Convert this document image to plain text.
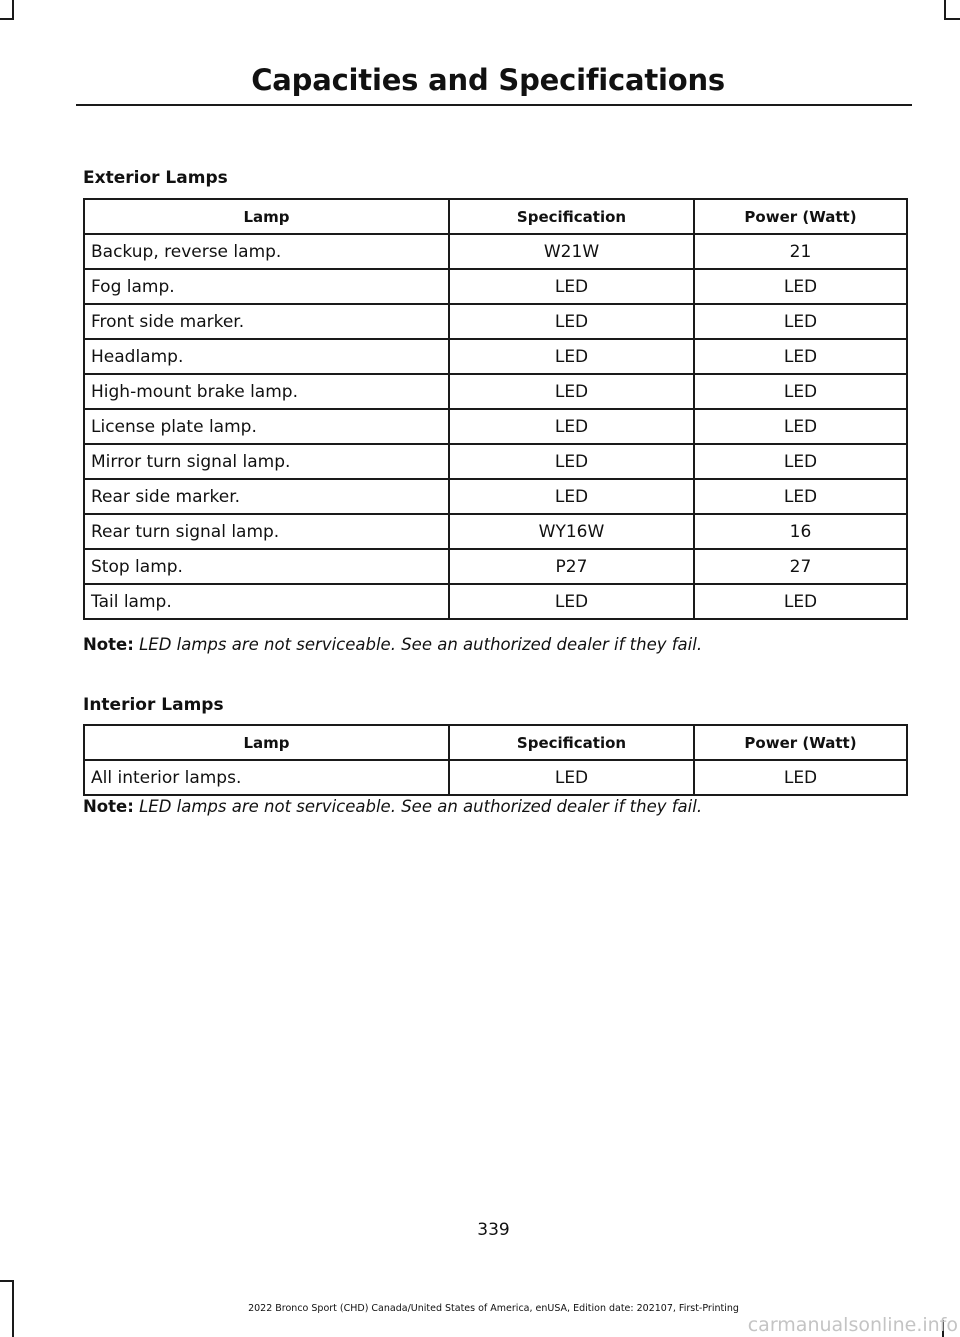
Capacities and Specifications
Exterior Lamps
Lamp	Specification	Power (Watt)
Backup, reverse lamp.	W21W	21
Fog lamp.	LED	LED
Front side marker.	LED	LED
Headlamp.	LED	LED
High-mount brake lamp.	LED	LED
License plate lamp.	LED	LED
Mirror turn signal lamp.	LED	LED
Rear side marker.	LED	LED
Rear turn signal lamp.	WY16W	16
Stop lamp.	P27	27
Tail lamp.	LED	LED
Note: LED lamps are not serviceable. See an authorized dealer if they fail.
Interior Lamps
Lamp	Specification	Power (Watt)
All interior lamps.	LED	LED
Note: LED lamps are not serviceable. See an authorized dealer if they fail.
339
2022 Bronco Sport (CHD) Canada/United States of America, enUSA, Edition date: 202107, First-Printing
carmanualsonline.info
